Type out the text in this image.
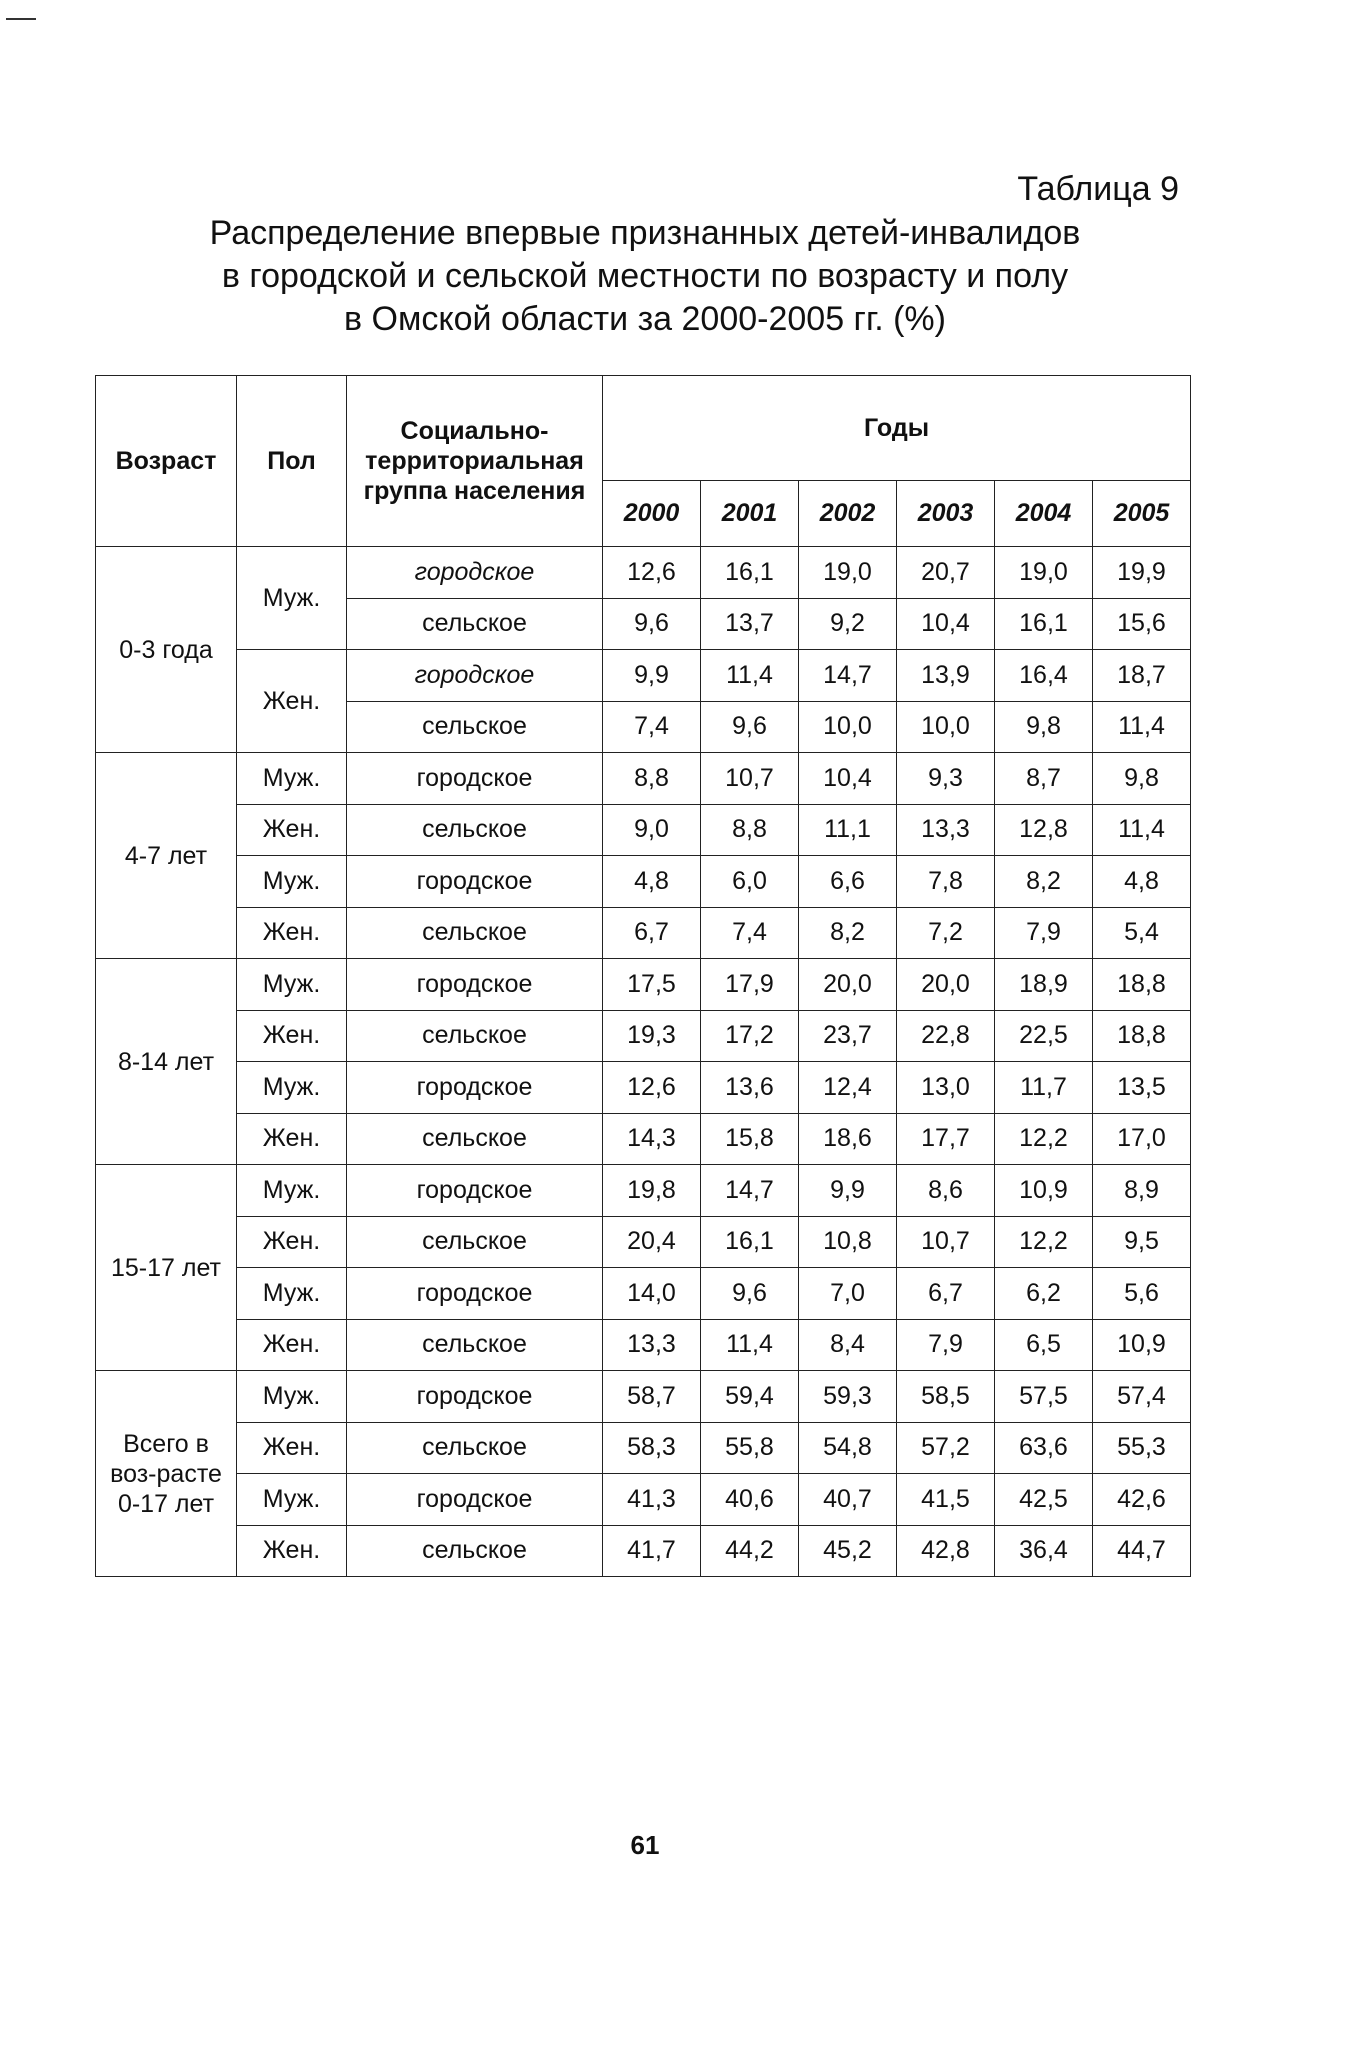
Таблица 9

Распределение впервые признанных детей-инвалидов
в городской и сельской местности по возрасту и полу
в Омской области за 2000-2005 гг. (%)
Возраст	Пол	Социально-территориальная группа населения	Годы					
			2000	2001	2002	2003	2004	2005
0-3 года	Муж.	городское	12,6	16,1	19,0	20,7	19,0	19,9
		сельское	9,6	13,7	9,2	10,4	16,1	15,6
	Жен.	городское	9,9	11,4	14,7	13,9	16,4	18,7
		сельское	7,4	9,6	10,0	10,0	9,8	11,4
4-7 лет	Муж.	городское	8,8	10,7	10,4	9,3	8,7	9,8
	Жен.	сельское	9,0	8,8	11,1	13,3	12,8	11,4
	Муж.	городское	4,8	6,0	6,6	7,8	8,2	4,8
	Жен.	сельское	6,7	7,4	8,2	7,2	7,9	5,4
8-14 лет	Муж.	городское	17,5	17,9	20,0	20,0	18,9	18,8
	Жен.	сельское	19,3	17,2	23,7	22,8	22,5	18,8
	Муж.	городское	12,6	13,6	12,4	13,0	11,7	13,5
	Жен.	сельское	14,3	15,8	18,6	17,7	12,2	17,0
15-17 лет	Муж.	городское	19,8	14,7	9,9	8,6	10,9	8,9
	Жен.	сельское	20,4	16,1	10,8	10,7	12,2	9,5
	Муж.	городское	14,0	9,6	7,0	6,7	6,2	5,6
	Жен.	сельское	13,3	11,4	8,4	7,9	6,5	10,9
Всего в воз-расте 0-17 лет	Муж.	городское	58,7	59,4	59,3	58,5	57,5	57,4
	Жен.	сельское	58,3	55,8	54,8	57,2	63,6	55,3
	Муж.	городское	41,3	40,6	40,7	41,5	42,5	42,6
	Жен.	сельское	41,7	44,2	45,2	42,8	36,4	44,7

61
